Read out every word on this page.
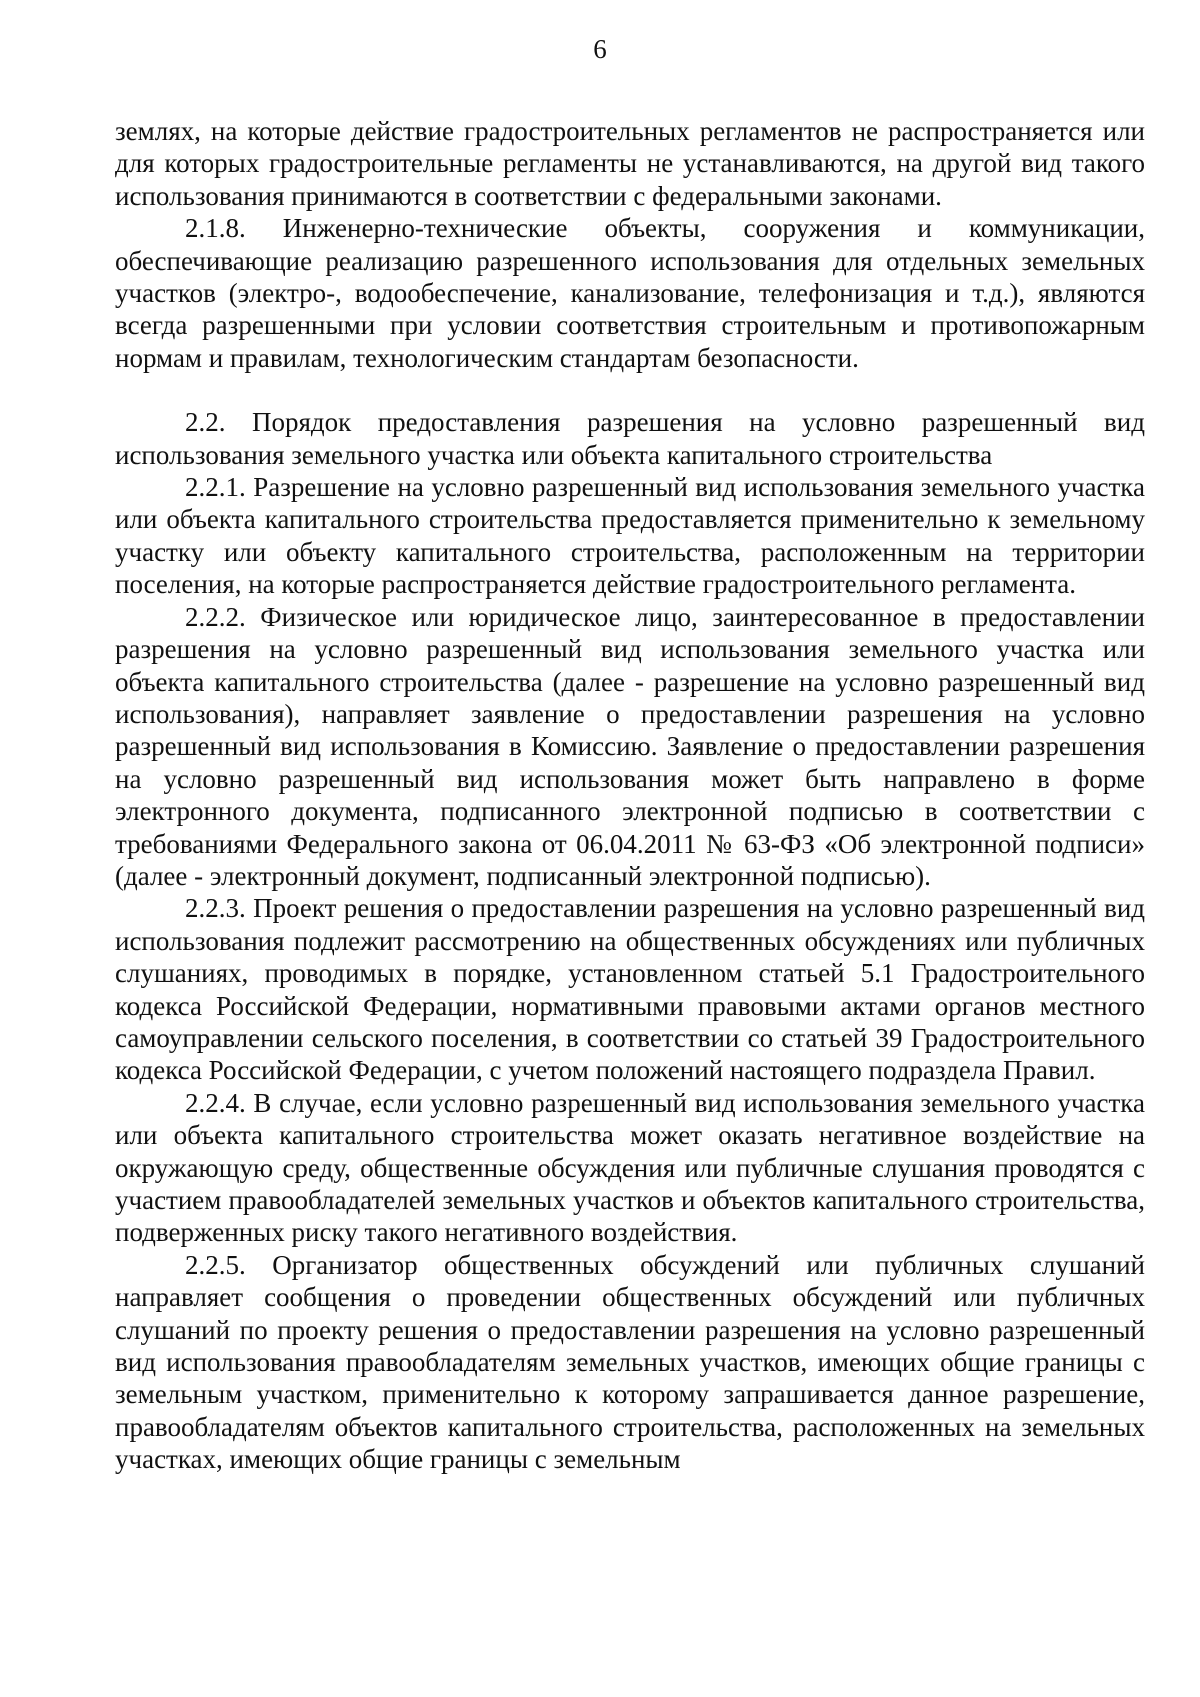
6

землях, на которые действие градостроительных регламентов не распространяется или для которых градостроительные регламенты не устанавливаются, на другой вид такого использования принимаются в соответствии с федеральными законами.

2.1.8. Инженерно-технические объекты, сооружения и коммуникации, обеспечивающие реализацию разрешенного использования для отдельных земельных участков (электро-, водообеспечение, канализование, телефонизация и т.д.), являются всегда разрешенными при условии соответствия строительным и противопожарным нормам и правилам, технологическим стандартам безопасности.

2.2. Порядок предоставления разрешения на условно разрешенный вид использования земельного участка или объекта капитального строительства

2.2.1. Разрешение на условно разрешенный вид использования земельного участка или объекта капитального строительства предоставляется применительно к земельному участку или объекту капитального строительства, расположенным на территории поселения, на которые распространяется действие градостроительного регламента.

2.2.2. Физическое или юридическое лицо, заинтересованное в предоставлении разрешения на условно разрешенный вид использования земельного участка или объекта капитального строительства (далее - разрешение на условно разрешенный вид использования), направляет заявление о предоставлении разрешения на условно разрешенный вид использования в Комиссию. Заявление о предоставлении разрешения на условно разрешенный вид использования может быть направлено в форме электронного документа, подписанного электронной подписью в соответствии с требованиями Федерального закона от 06.04.2011 № 63-ФЗ «Об электронной подписи» (далее - электронный документ, подписанный электронной подписью).

2.2.3. Проект решения о предоставлении разрешения на условно разрешенный вид использования подлежит рассмотрению на общественных обсуждениях или публичных слушаниях, проводимых в порядке, установленном статьей 5.1 Градостроительного кодекса Российской Федерации, нормативными правовыми актами органов местного самоуправлении сельского поселения, в соответствии со статьей 39 Градостроительного кодекса Российской Федерации, с учетом положений настоящего подраздела Правил.

2.2.4. В случае, если условно разрешенный вид использования земельного участка или объекта капитального строительства может оказать негативное воздействие на окружающую среду, общественные обсуждения или публичные слушания проводятся с участием правообладателей земельных участков и объектов капитального строительства, подверженных риску такого негативного воздействия.

2.2.5. Организатор общественных обсуждений или публичных слушаний направляет сообщения о проведении общественных обсуждений или публичных слушаний по проекту решения о предоставлении разрешения на условно разрешенный вид использования правообладателям земельных участков, имеющих общие границы с земельным участком, применительно к которому запрашивается данное разрешение, правообладателям объектов капитального строительства, расположенных на земельных участках, имеющих общие границы с земельным
